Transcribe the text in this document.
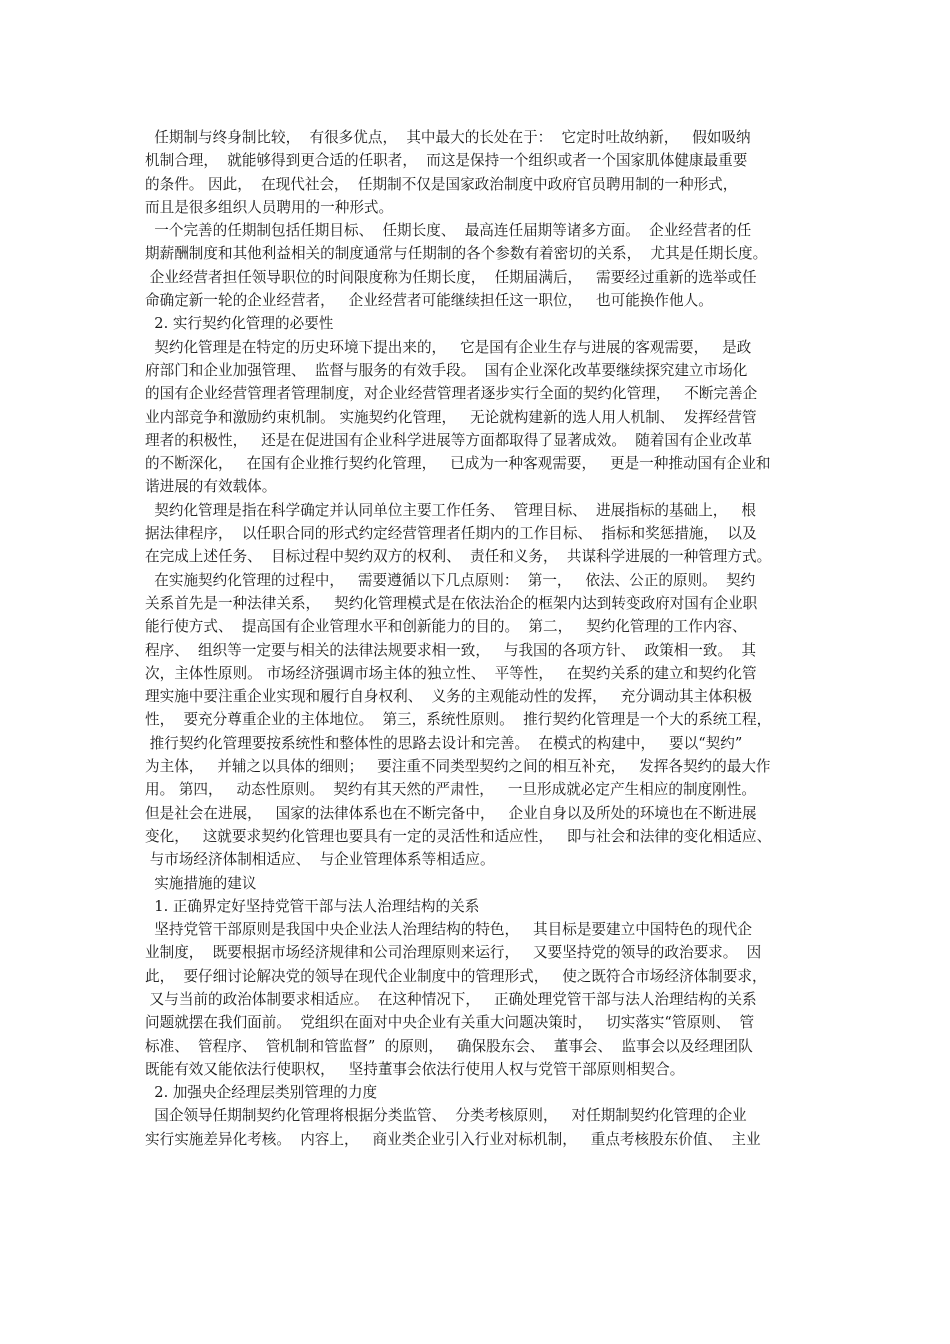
任期制与终身制比较，  有很多优点，  其中最大的长处在于：  它定时吐故纳新，   假如吸纳
机制合理，  就能够得到更合适的任职者，  而这是保持一个组织或者一个国家肌体健康最重要
的条件。 因此，  在现代社会，  任期制不仅是国家政治制度中政府官员聘用制的一种形式，
而且是很多组织人员聘用的一种形式。
一个完善的任期制包括任期目标、  任期长度、  最高连任届期等诸多方面。  企业经营者的任
期薪酬制度和其他利益相关的制度通常与任期制的各个参数有着密切的关系，  尤其是任期长度。
企业经营者担任领导职位的时间限度称为任期长度，  任期届满后，   需要经过重新的选举或任
命确定新一轮的企业经营者，   企业经营者可能继续担任这一职位，   也可能换作他人。
2. 实行契约化管理的必要性
契约化管理是在特定的历史环境下提出来的，   它是国有企业生存与进展的客观需要，   是政
府部门和企业加强管理、  监督与服务的有效手段。  国有企业深化改革要继续探究建立市场化
的国有企业经营管理者管理制度，对企业经营管理者逐步实行全面的契约化管理，   不断完善企
业内部竞争和激励约束机制。 实施契约化管理，   无论就构建新的选人用人机制、  发挥经营管
理者的积极性，   还是在促进国有企业科学进展等方面都取得了显著成效。  随着国有企业改革
的不断深化，   在国有企业推行契约化管理，   已成为一种客观需要，   更是一种推动国有企业和
谐进展的有效载体。
契约化管理是指在科学确定并认同单位主要工作任务、  管理目标、  进展指标的基础上，   根
据法律程序，  以任职合同的形式约定经营管理者任期内的工作目标、  指标和奖惩措施，  以及
在完成上述任务、  目标过程中契约双方的权利、  责任和义务，  共谋科学进展的一种管理方式。
在实施契约化管理的过程中，   需要遵循以下几点原则：  第一，   依法、公正的原则。  契约
关系首先是一种法律关系，   契约化管理模式是在依法治企的框架内达到转变政府对国有企业职
能行使方式、  提高国有企业管理水平和创新能力的目的。  第二，   契约化管理的工作内容、
程序、  组织等一定要与相关的法律法规要求相一致，   与我国的各项方针、  政策相一致。  其
次，主体性原则。 市场经济强调市场主体的独立性、  平等性，   在契约关系的建立和契约化管
理实施中要注重企业实现和履行自身权利、  义务的主观能动性的发挥，   充分调动其主体积极
性，  要充分尊重企业的主体地位。  第三，系统性原则。  推行契约化管理是一个大的系统工程，
推行契约化管理要按系统性和整体性的思路去设计和完善。  在模式的构建中，   要以“契约”
为主体，   并辅之以具体的细则；   要注重不同类型契约之间的相互补充，   发挥各契约的最大作
用。 第四，   动态性原则。  契约有其天然的严肃性，   一旦形成就必定产生相应的制度刚性。
但是社会在进展，   国家的法律体系也在不断完备中，   企业自身以及所处的环境也在不断进展
变化，   这就要求契约化管理也要具有一定的灵活性和适应性，   即与社会和法律的变化相适应、
与市场经济体制相适应、  与企业管理体系等相适应。
实施措施的建议
1. 正确界定好坚持党管干部与法人治理结构的关系
坚持党管干部原则是我国中央企业法人治理结构的特色，   其目标是要建立中国特色的现代企
业制度，  既要根据市场经济规律和公司治理原则来运行，   又要坚持党的领导的政治要求。  因
此，  要仔细讨论解决党的领导在现代企业制度中的管理形式，   使之既符合市场经济体制要求，
又与当前的政治体制要求相适应。  在这种情况下，   正确处理党管干部与法人治理结构的关系
问题就摆在我们面前。  党组织在面对中央企业有关重大问题决策时，   切实落实“管原则、  管
标准、  管程序、  管机制和管监督”  的原则，   确保股东会、  董事会、  监事会以及经理团队
既能有效又能依法行使职权，   坚持董事会依法行使用人权与党管干部原则相契合。
2. 加强央企经理层类别管理的力度
国企领导任期制契约化管理将根据分类监管、  分类考核原则，   对任期制契约化管理的企业
实行实施差异化考核。  内容上，   商业类企业引入行业对标机制，   重点考核股东价值、  主业
